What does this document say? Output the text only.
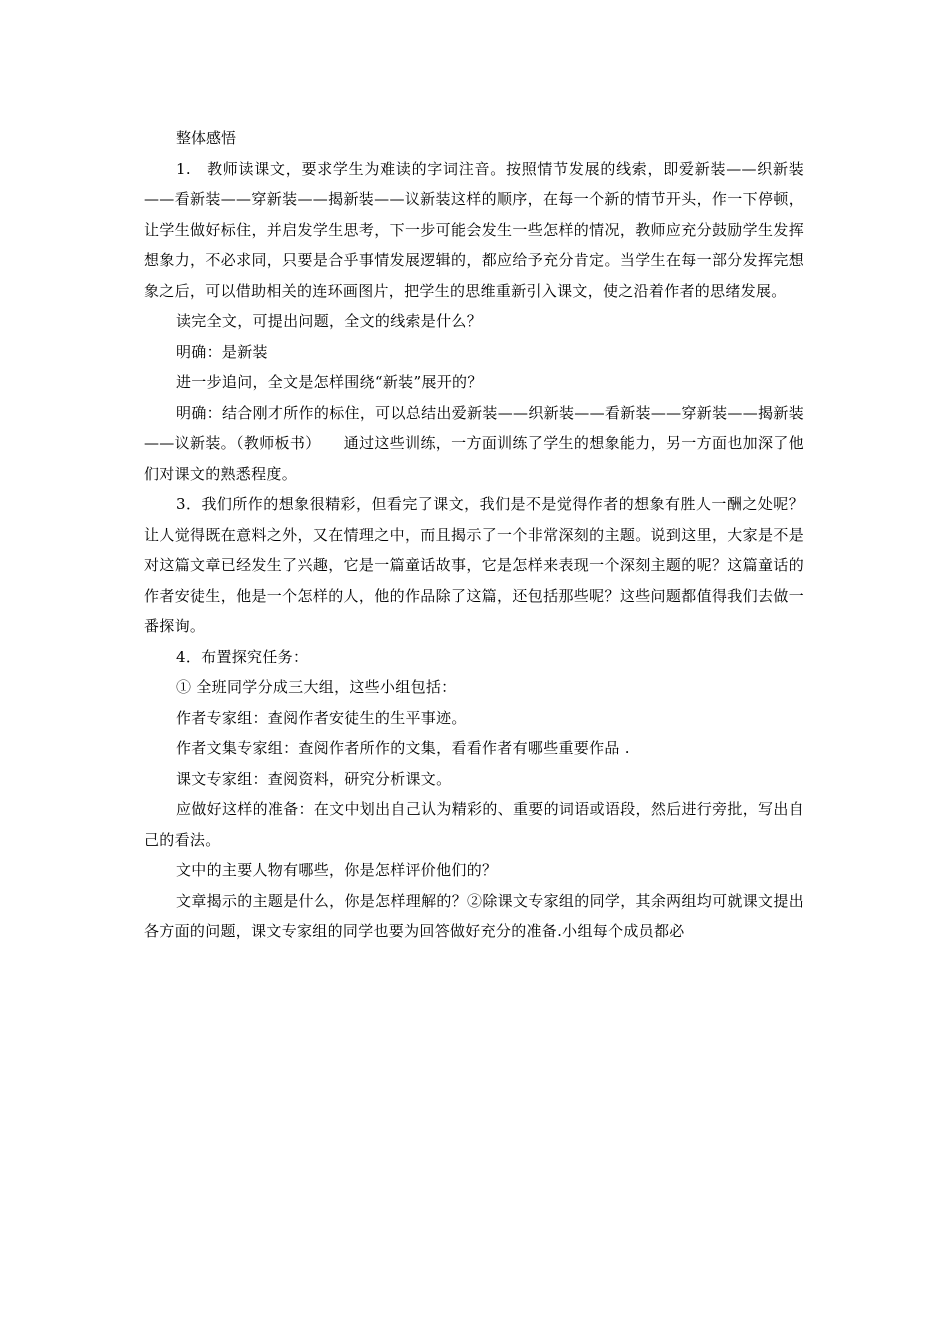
整体感悟

1.　教师读课文，要求学生为难读的字词注音。按照情节发展的线索，即爱新装——织新装——看新装——穿新装——揭新装——议新装这样的顺序，在每一个新的情节开头，作一下停顿，让学生做好标住，并启发学生思考，下一步可能会发生一些怎样的情况，教师应充分鼓励学生发挥想象力，不必求同，只要是合乎事情发展逻辑的，都应给予充分肯定。当学生在每一部分发挥完想象之后，可以借助相关的连环画图片，把学生的思维重新引入课文，使之沿着作者的思绪发展。

读完全文，可提出问题，全文的线索是什么？

明确：是新装

进一步追问，全文是怎样围绕“新装”展开的？

明确：结合刚才所作的标住，可以总结出爱新装——织新装——看新装——穿新装——揭新装——议新装。（教师板书）　　通过这些训练，一方面训练了学生的想象能力，另一方面也加深了他们对课文的熟悉程度。

3．我们所作的想象很精彩，但看完了课文，我们是不是觉得作者的想象有胜人一酬之处呢？让人觉得既在意料之外，又在情理之中，而且揭示了一个非常深刻的主题。说到这里，大家是不是对这篇文章已经发生了兴趣，它是一篇童话故事，它是怎样来表现一个深刻主题的呢？这篇童话的作者安徒生，他是一个怎样的人，他的作品除了这篇，还包括那些呢？这些问题都值得我们去做一番探询。

4．布置探究任务：

① 全班同学分成三大组，这些小组包括：

作者专家组：查阅作者安徒生的生平事迹。

作者文集专家组：查阅作者所作的文集，看看作者有哪些重要作品 .

课文专家组：查阅资料，研究分析课文。

应做好这样的准备：在文中划出自己认为精彩的、重要的词语或语段，然后进行旁批，写出自己的看法。

文中的主要人物有哪些，你是怎样评价他们的？

文章揭示的主题是什么，你是怎样理解的？②除课文专家组的同学，其余两组均可就课文提出各方面的问题，课文专家组的同学也要为回答做好充分的准备.小组每个成员都必
